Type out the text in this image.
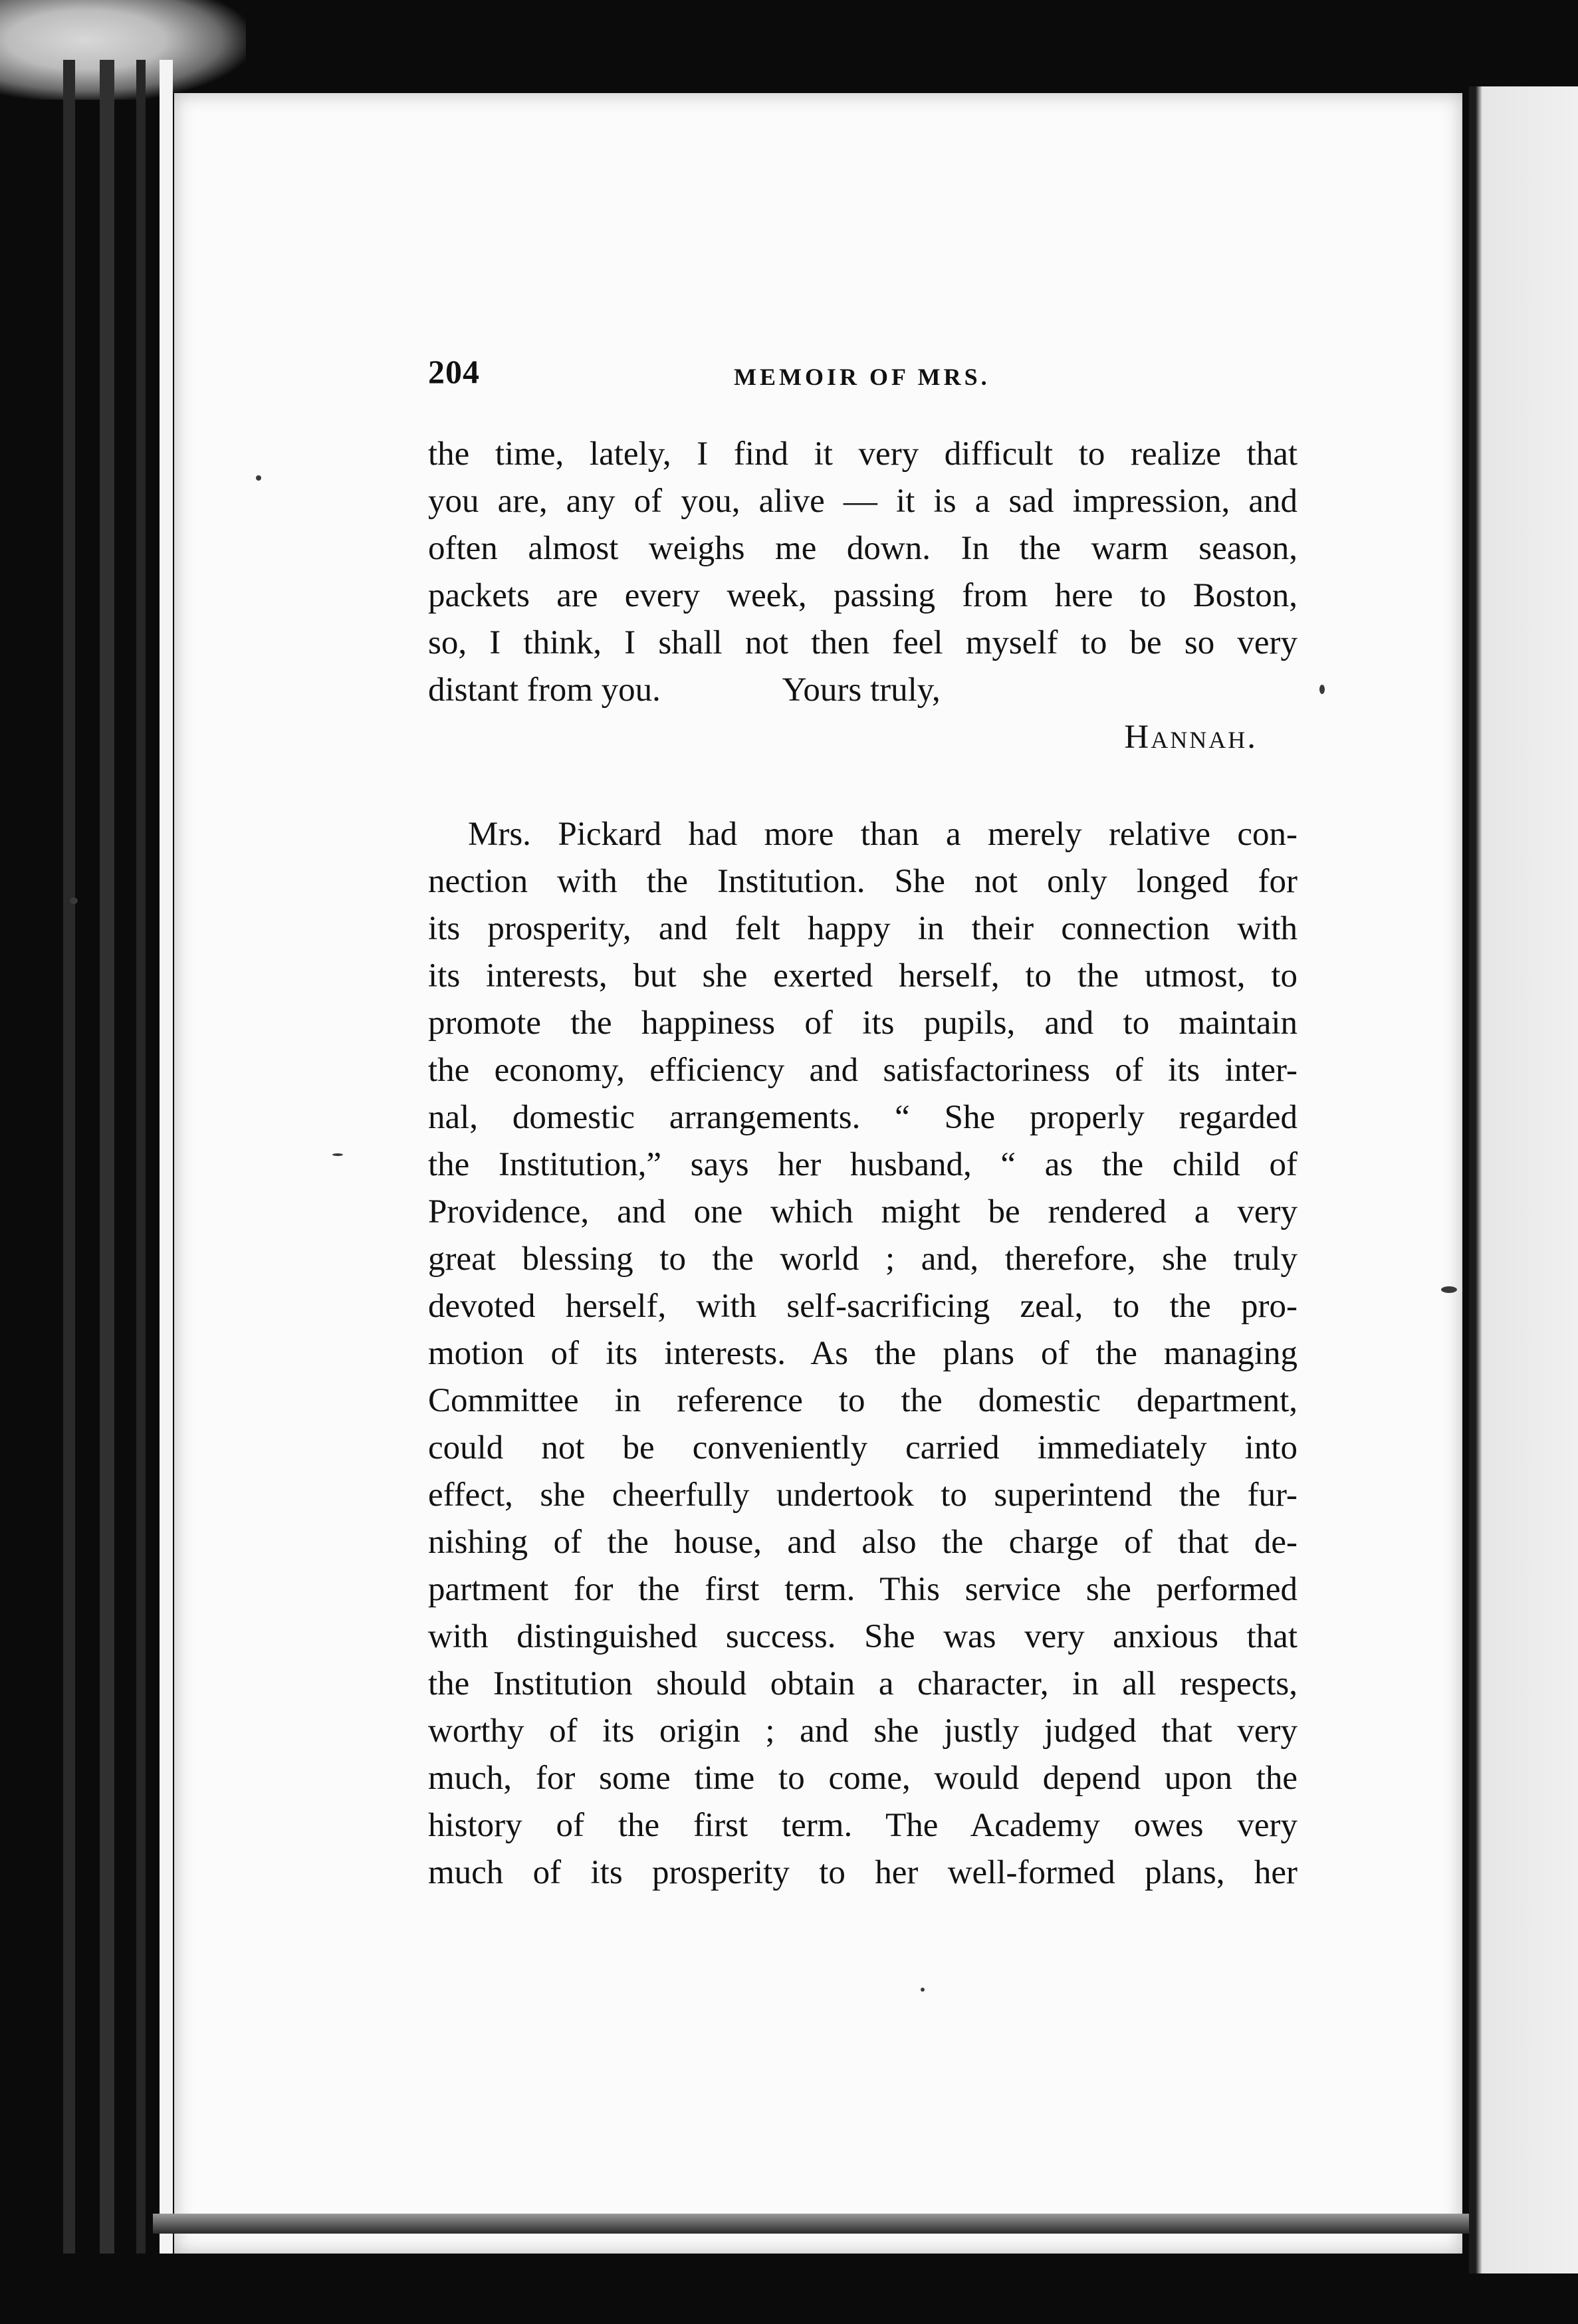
204	MEMOIR OF MRS.
the time, lately, I find it very difficult to realize that
you are, any of you, alive — it is a sad impression, and
often almost weighs me down. In the warm season,
packets are every week, passing from here to Boston,
so, I think, I shall not then feel myself to be so very
distant from you.	Yours truly,
Hannah.
Mrs. Pickard had more than a merely relative con-
nection with the Institution. She not only longed for
its prosperity, and felt happy in their connection with
its interests, but she exerted herself, to the utmost, to
promote the happiness of its pupils, and to maintain
the economy, efficiency and satisfactoriness of its inter-
nal, domestic arrangements. “ She properly regarded
the Institution,” says her husband, “ as the child of
Providence, and one which might be rendered a very
great blessing to the world ; and, therefore, she truly
devoted herself, with self-sacrificing zeal, to the pro-
motion of its interests. As the plans of the managing
Committee in reference to the domestic department,
could not be conveniently carried immediately into
effect, she cheerfully undertook to superintend the fur-
nishing of the house, and also the charge of that de-
partment for the first term. This service she performed
with distinguished success. She was very anxious that
the Institution should obtain a character, in all respects,
worthy of its origin ; and she justly judged that very
much, for some time to come, would depend upon the
history of the first term. The Academy owes very
much of its prosperity to her well-formed plans, her
